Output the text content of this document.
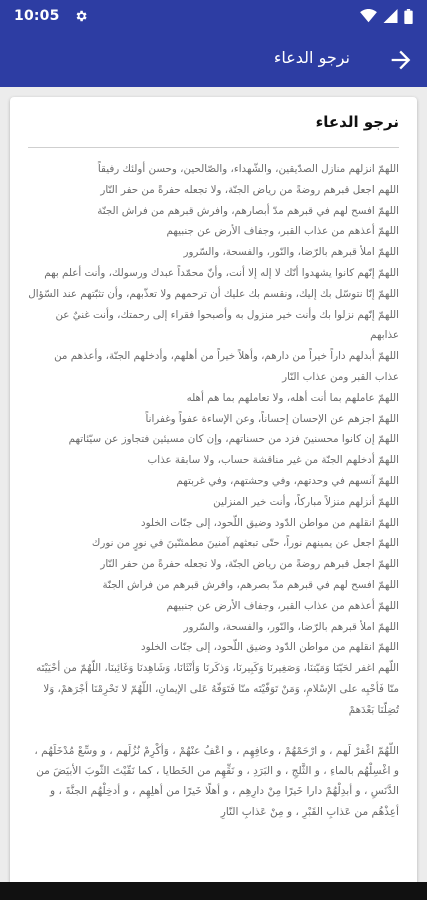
10:05
نرجو الدعاء
نرجو الدعاء

اللهمّ انزلهم منازل الصدّيقين، والشّهداء، والصّالحين، وحسن أولئك رفيقاً

اللهم اجعل قبرهم روضةً من رياض الجنّة، ولا تجعله حفرةً من حفر النّار

اللهمّ افسح لهم في قبرهم مدّ أبصارهم، وافرش قبرهم من فراش الجنّة

اللهمّ أعذهم من عذاب القبر، وجفاف الأرض عن جنبيهم

اللهمّ املأ قبرهم بالرّضا، والنّور، والفسحة، والسّرور

اللهمّ إنّهم كانوا يشهدوا أنّك لا إله إلا أنت، وأنّ محمّداً عبدك ورسولك، وأنت أعلم بهم

اللهمّ إنّا نتوسّل بك إليك، ونقسم بك عليك أن ترحمهم ولا تعذّبهم، وأن تثبّتهم عند السّؤال

اللهمّ إنّهم نزلوا بك وأنت خير منزول به وأصبحوا فقراء إلى رحمتك، وأنت غنيٌ عن عذابهم

اللهمّ أبدلهم داراً خيراً من دارهم، وأهلاً خيراً من أهلهم، وأدخلهم الجنّة، وأعذهم من عذاب القبر ومن عذاب النّار

اللهمّ عاملهم بما أنت أهله، ولا تعاملهم بما هم أهله

اللهمّ اجزهم عن الإحسان إحساناً، وعن الإساءة عفواً وغفراناً

اللهمّ إن كانوا محسنينَ فزد من حسناتهم، وإن كان مسيئين فتجاوز عن سيّئاتهم

اللهمّ أدخلهم الجنّة من غير مناقشة حساب، ولا سابقة عذاب

اللهمّ آنسهم في وحدتهم، وفي وحشتهم، وفي غربتهم

اللهمّ أنزلهم منزلاً مباركاً، وأنت خير المنزلين

اللهمّ انقلهم من مواطن الدّود وضيق اللّحود، إلى جنّات الخلود

اللهمّ اجعل عن يمينهم نوراً، حتّى تبعثهم آمنينَ مطمئنّينَ في نورٍ من نورك

اللهمّ اجعل قبرهم روضةً من رياض الجنّة، ولا تجعله حفرةً من حفر النّار

اللهمّ افسح لهم في قبرهم مدّ بصرهم، وافرش قبرهم من فراش الجنّة

اللهمّ أعذهم من عذاب القبر، وجفاف الأرض عن جنبيهم

اللهمّ املأ قبرهم بالرّضا، والنّور، والفسحة، والسّرور

اللهمّ انقلهم من مواطن الدّود وضيق اللّحود، إلى جنّات الخلود

اللّهم اغفر لحَيّنَا وَمَيّتنَا، وَصَغِيرنَا وَكَبِيرنَا، وَذكَرنَا وَأنْثَانَا، وَشَاهِدنَا وَغَائِبنَا، اللّهُمّ من أحْيَيْتَه منّا فَأحْيِه على الإسْلامِ، وَمَنْ تَوَفّيْتَه منّا فَتَوَفّهُ عَلى الإيمانِ، اللّهُمّ لا تَحْرِمْنَا أجْرَهمْ، وَلا تُضِلّنَا بَعْدَهمْ

اللّهُمّ اغْفرْ لَهم ، و ارْحَمْهُمْ ، وعافِهِم ، و اعْفُ عنْهُمْ ، وَأكْرِمْ نُزُلَهم ، و وسِّعْ مُدْخَلَهُم ، و اغْسِلْهُم بالماءِ ، و الثَّلجِ ، و البَرَدِ ، و نَقِّهِم من الخَطايا ، كما نَقّيْتَ الثّوبَ الأبيَضَ من الدَّنَسِ ، و أبدِلْهُمْ دارا خَيرًا مِنْ دارِهِم ، و أهلًا خَيرًا من أهلِهِم ، و أدخِلْهُم الجنَّةَ ، و أعِذْهُم من عَذابِ القَبْرِ ، و مِنْ عَذابِ النّارِ
